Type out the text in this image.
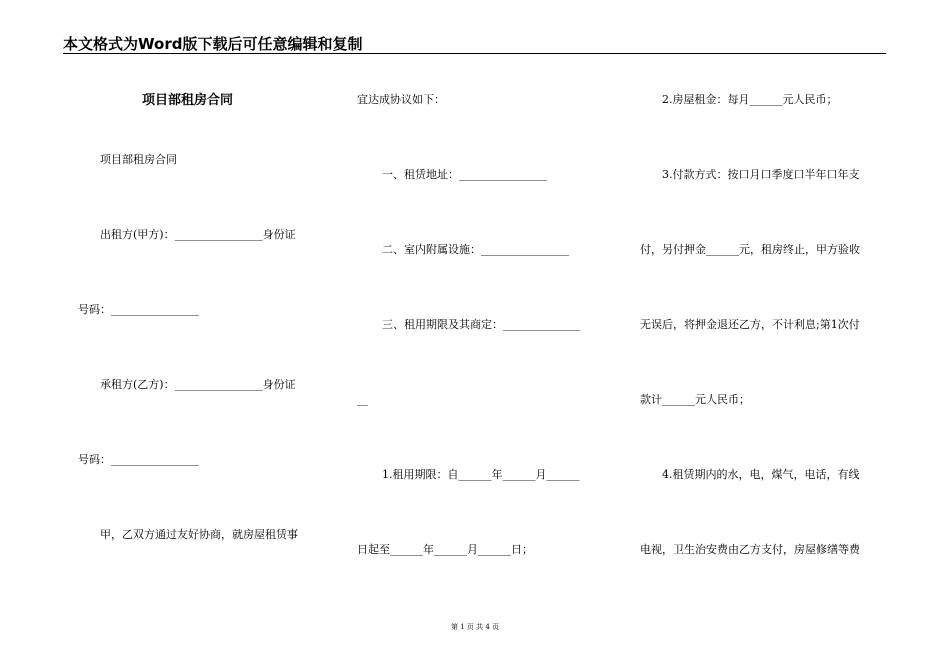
本文格式为Word版下载后可任意编辑和复制
项目部租房合同
项目部租房合同
出租方(甲方)：________________身份证
号码：________________
承租方(乙方)：________________身份证
号码：________________
甲，乙双方通过友好协商，就房屋租赁事
宜达成协议如下：
一、租赁地址：________________
二、室内附属设施：________________
三、租用期限及其商定：______________
__
1.租用期限：自______年______月______
日起至______年______月______日；
2.房屋租金：每月______元人民币；
3.付款方式：按口月口季度口半年口年支
付，另付押金______元，租房终止，甲方验收
无误后，将押金退还乙方，不计利息;第1次付
款计______元人民币；
4.租赁期内的水，电，煤气，电话，有线
电视，卫生治安费由乙方支付，房屋修缮等费
第 1 页 共 4 页
